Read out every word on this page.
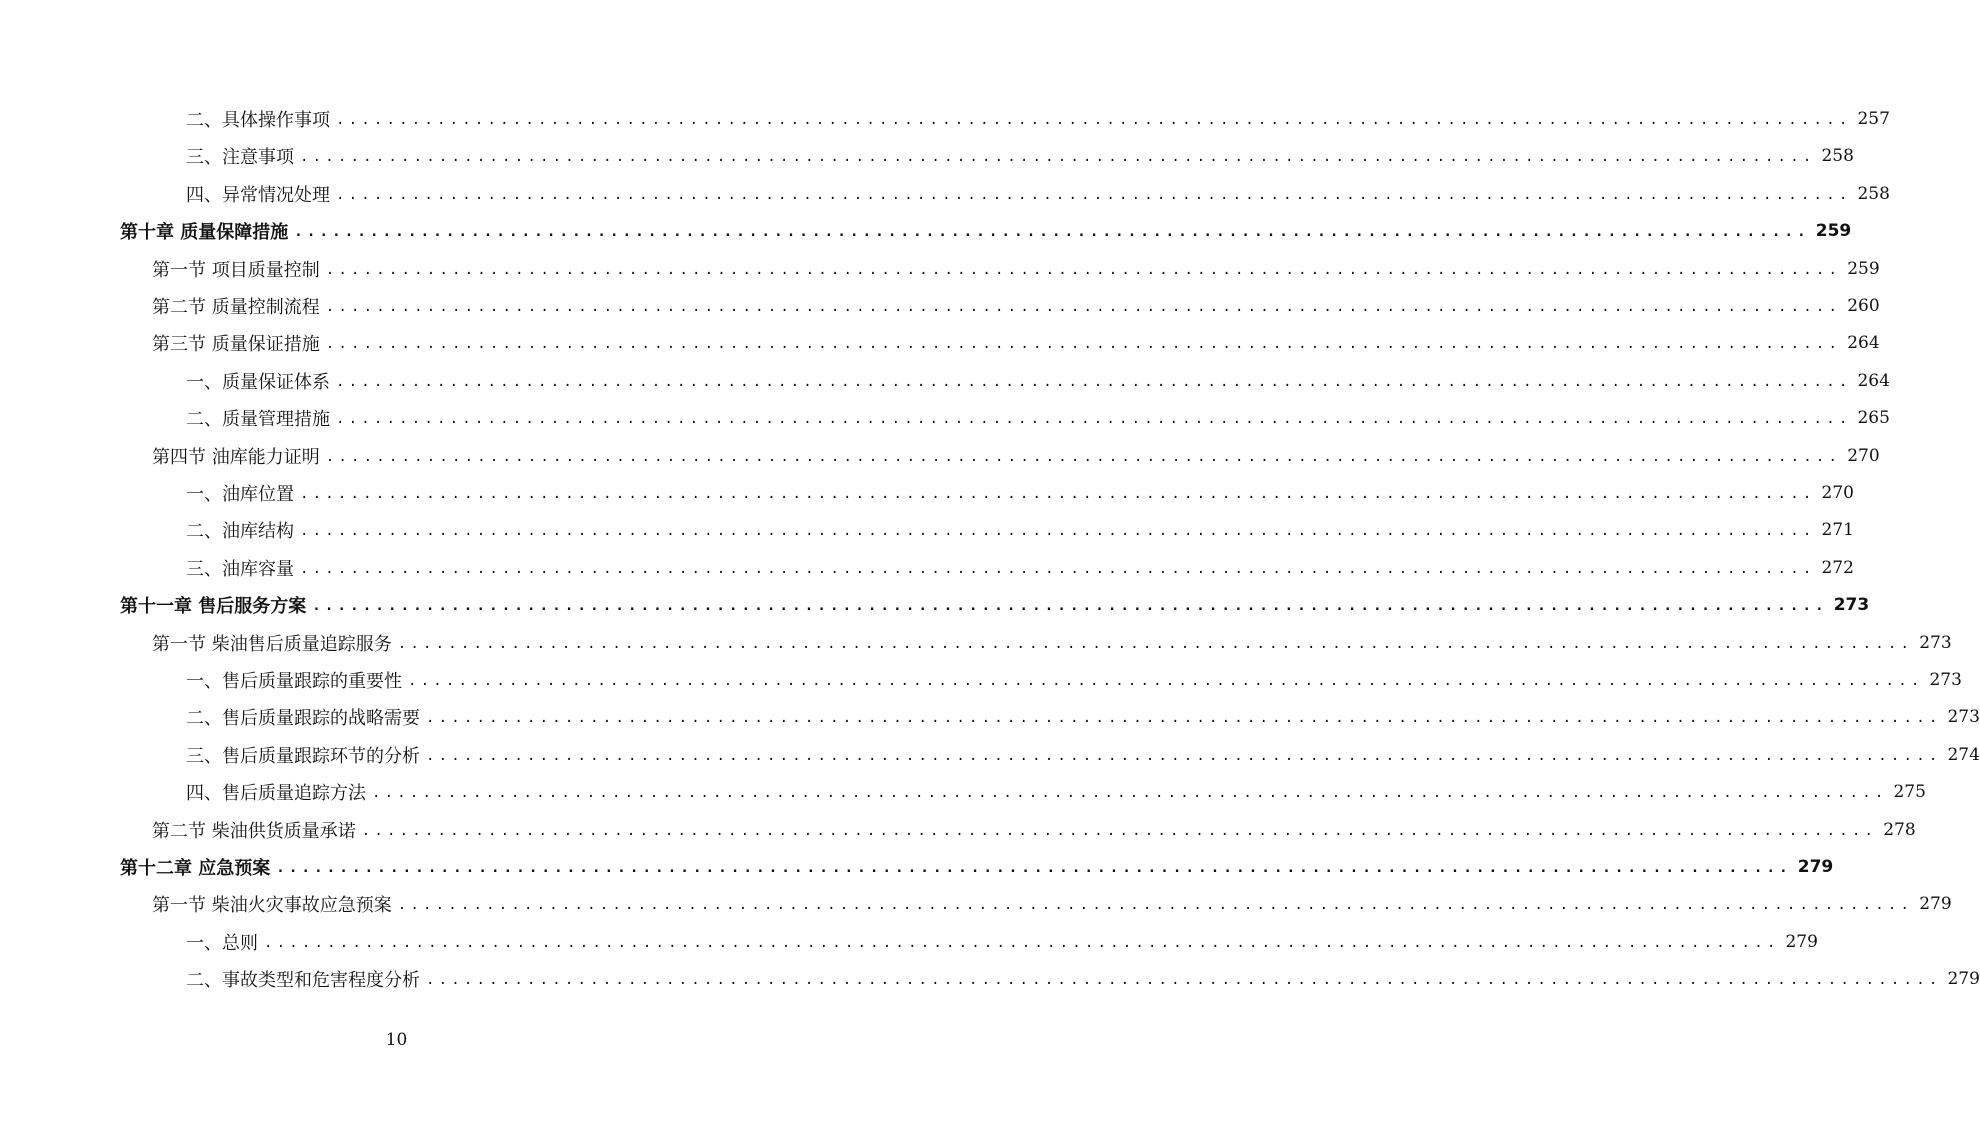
二、具体操作事项 ........................................................................................................................ 257
三、注意事项 ........................................................................................................................ 258
四、异常情况处理 ........................................................................................................................ 258
第十章 质量保障措施 ........................................................................................................................ 259
第一节 项目质量控制 ........................................................................................................................ 259
第二节 质量控制流程 ........................................................................................................................ 260
第三节 质量保证措施 ........................................................................................................................ 264
一、质量保证体系 ........................................................................................................................ 264
二、质量管理措施 ........................................................................................................................ 265
第四节 油库能力证明 ........................................................................................................................ 270
一、油库位置 ........................................................................................................................ 270
二、油库结构 ........................................................................................................................ 271
三、油库容量 ........................................................................................................................ 272
第十一章 售后服务方案 ........................................................................................................................ 273
第一节 柴油售后质量追踪服务 ........................................................................................................................ 273
一、售后质量跟踪的重要性 ........................................................................................................................ 273
二、售后质量跟踪的战略需要 ........................................................................................................................ 273
三、售后质量跟踪环节的分析 ........................................................................................................................ 274
四、售后质量追踪方法 ........................................................................................................................ 275
第二节 柴油供货质量承诺 ........................................................................................................................ 278
第十二章 应急预案 ........................................................................................................................ 279
第一节 柴油火灾事故应急预案 ........................................................................................................................ 279
一、总则 ........................................................................................................................ 279
二、事故类型和危害程度分析 ........................................................................................................................ 279
10
